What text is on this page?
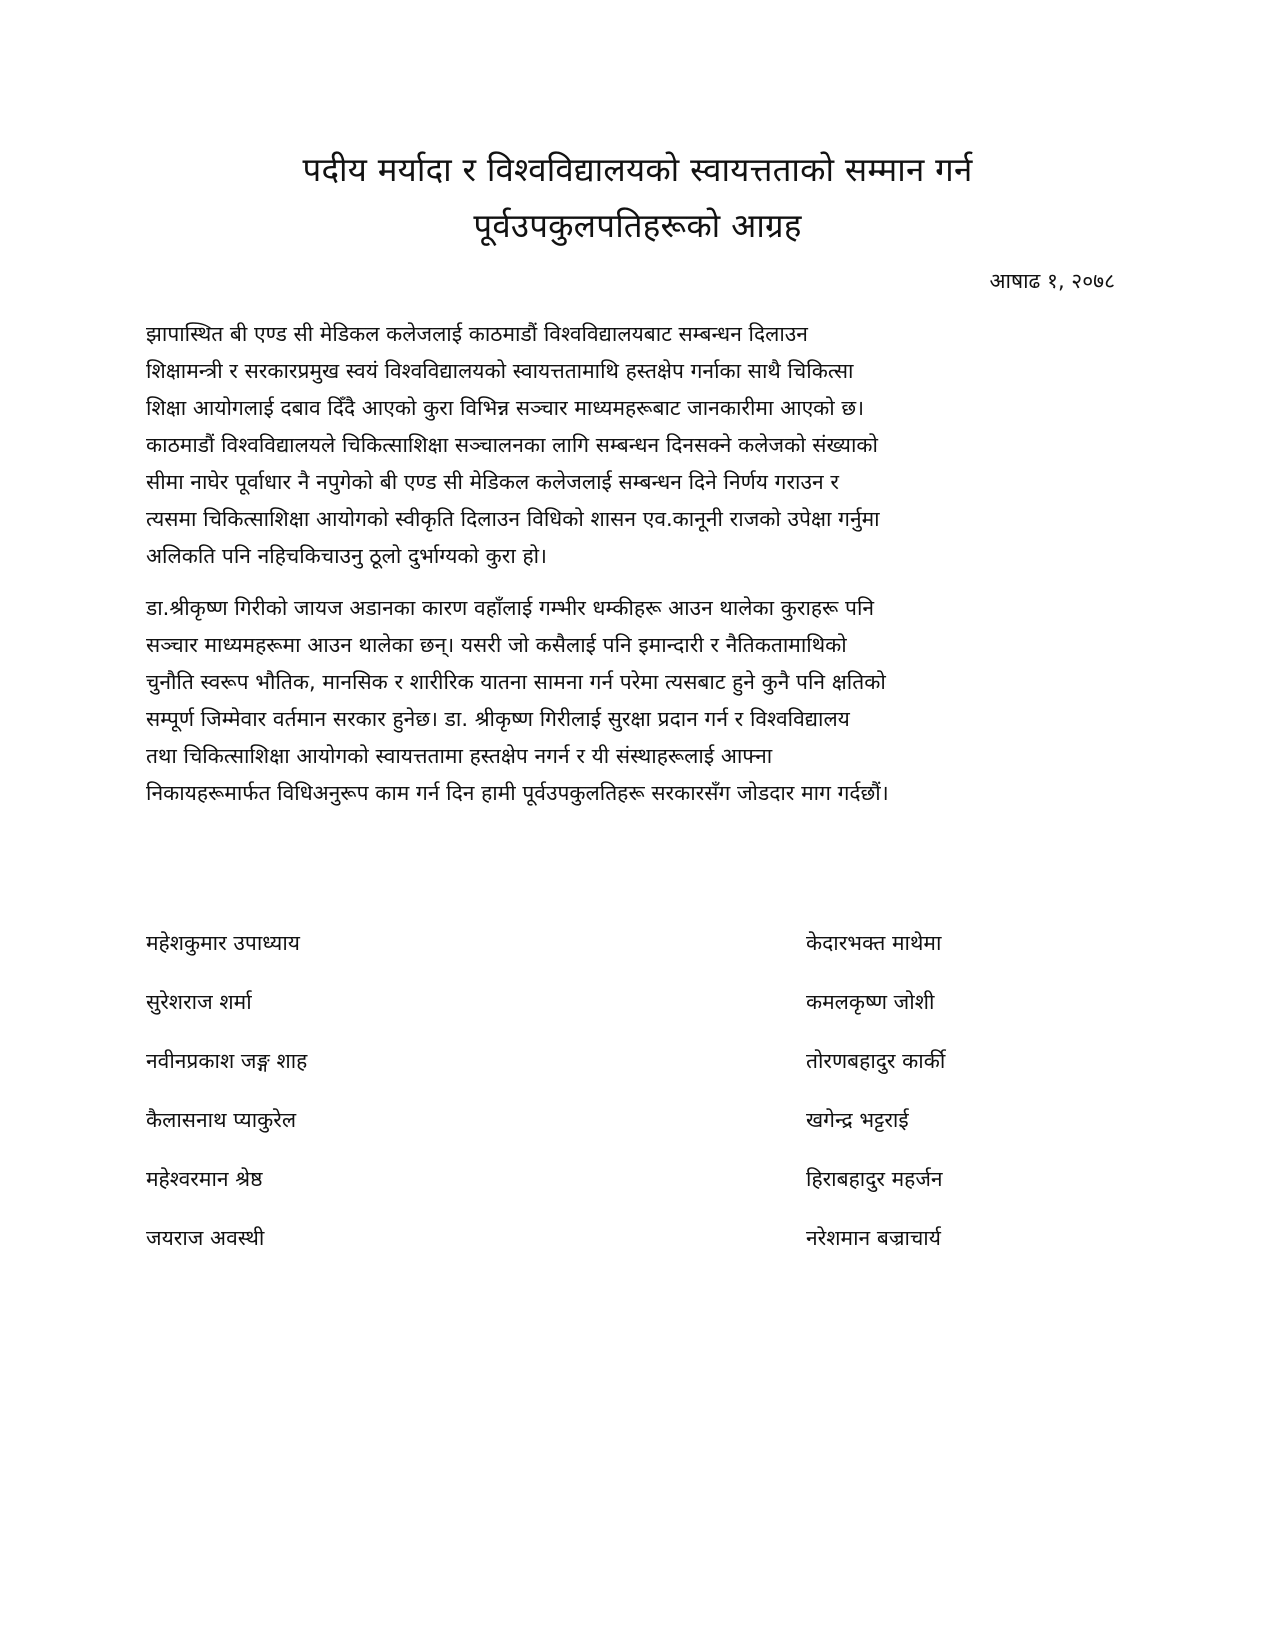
पदीय मर्यादा र विश्वविद्यालयको स्वायत्तताको सम्मान गर्न
पूर्वउपकुलपतिहरूको आग्रह
आषाढ १, २०७८

झापास्थित बी एण्ड सी मेडिकल कलेजलाई काठमाडौं विश्वविद्यालयबाट सम्बन्धन दिलाउन
शिक्षामन्त्री र सरकारप्रमुख स्वयं विश्वविद्यालयको स्वायत्ततामाथि हस्तक्षेप गर्नाका साथै चिकित्सा
शिक्षा आयोगलाई दबाव दिँदै आएको कुरा विभिन्न सञ्चार माध्यमहरूबाट जानकारीमा आएको छ।
काठमाडौं विश्वविद्यालयले चिकित्साशिक्षा सञ्चालनका लागि सम्बन्धन दिनसक्ने कलेजको संख्याको
सीमा नाघेर पूर्वाधार नै नपुगेको बी एण्ड सी मेडिकल कलेजलाई सम्बन्धन दिने निर्णय गराउन र
त्यसमा चिकित्साशिक्षा आयोगको स्वीकृति दिलाउन विधिको शासन एव.कानूनी राजको उपेक्षा गर्नुमा
अलिकति पनि नहिचकिचाउनु ठूलो दुर्भाग्यको कुरा हो।

डा.श्रीकृष्ण गिरीको जायज अडानका कारण वहाँलाई गम्भीर धम्कीहरू आउन थालेका कुराहरू पनि
सञ्चार माध्यमहरूमा आउन थालेका छन्। यसरी जो कसैलाई पनि इमान्दारी र नैतिकतामाथिको
चुनौति स्वरूप भौतिक, मानसिक र शारीरिक यातना सामना गर्न परेमा त्यसबाट हुने कुनै पनि क्षतिको
सम्पूर्ण जिम्मेवार वर्तमान सरकार हुनेछ। डा. श्रीकृष्ण गिरीलाई सुरक्षा प्रदान गर्न र विश्वविद्यालय
तथा चिकित्साशिक्षा आयोगको स्वायत्ततामा हस्तक्षेप नगर्न र यी संस्थाहरूलाई आफ्ना
निकायहरूमार्फत विधिअनुरूप काम गर्न दिन हामी पूर्वउपकुलतिहरू सरकारसँग जोडदार माग गर्दछौं।

महेशकुमार उपाध्याय	केदारभक्त माथेमा
सुरेशराज शर्मा	कमलकृष्ण जोशी
नवीनप्रकाश जङ्ग शाह	तोरणबहादुर कार्की
कैलासनाथ प्याकुरेल	खगेन्द्र भट्टराई
महेश्वरमान श्रेष्ठ	हिराबहादुर महर्जन
जयराज अवस्थी	नरेशमान बज्राचार्य
